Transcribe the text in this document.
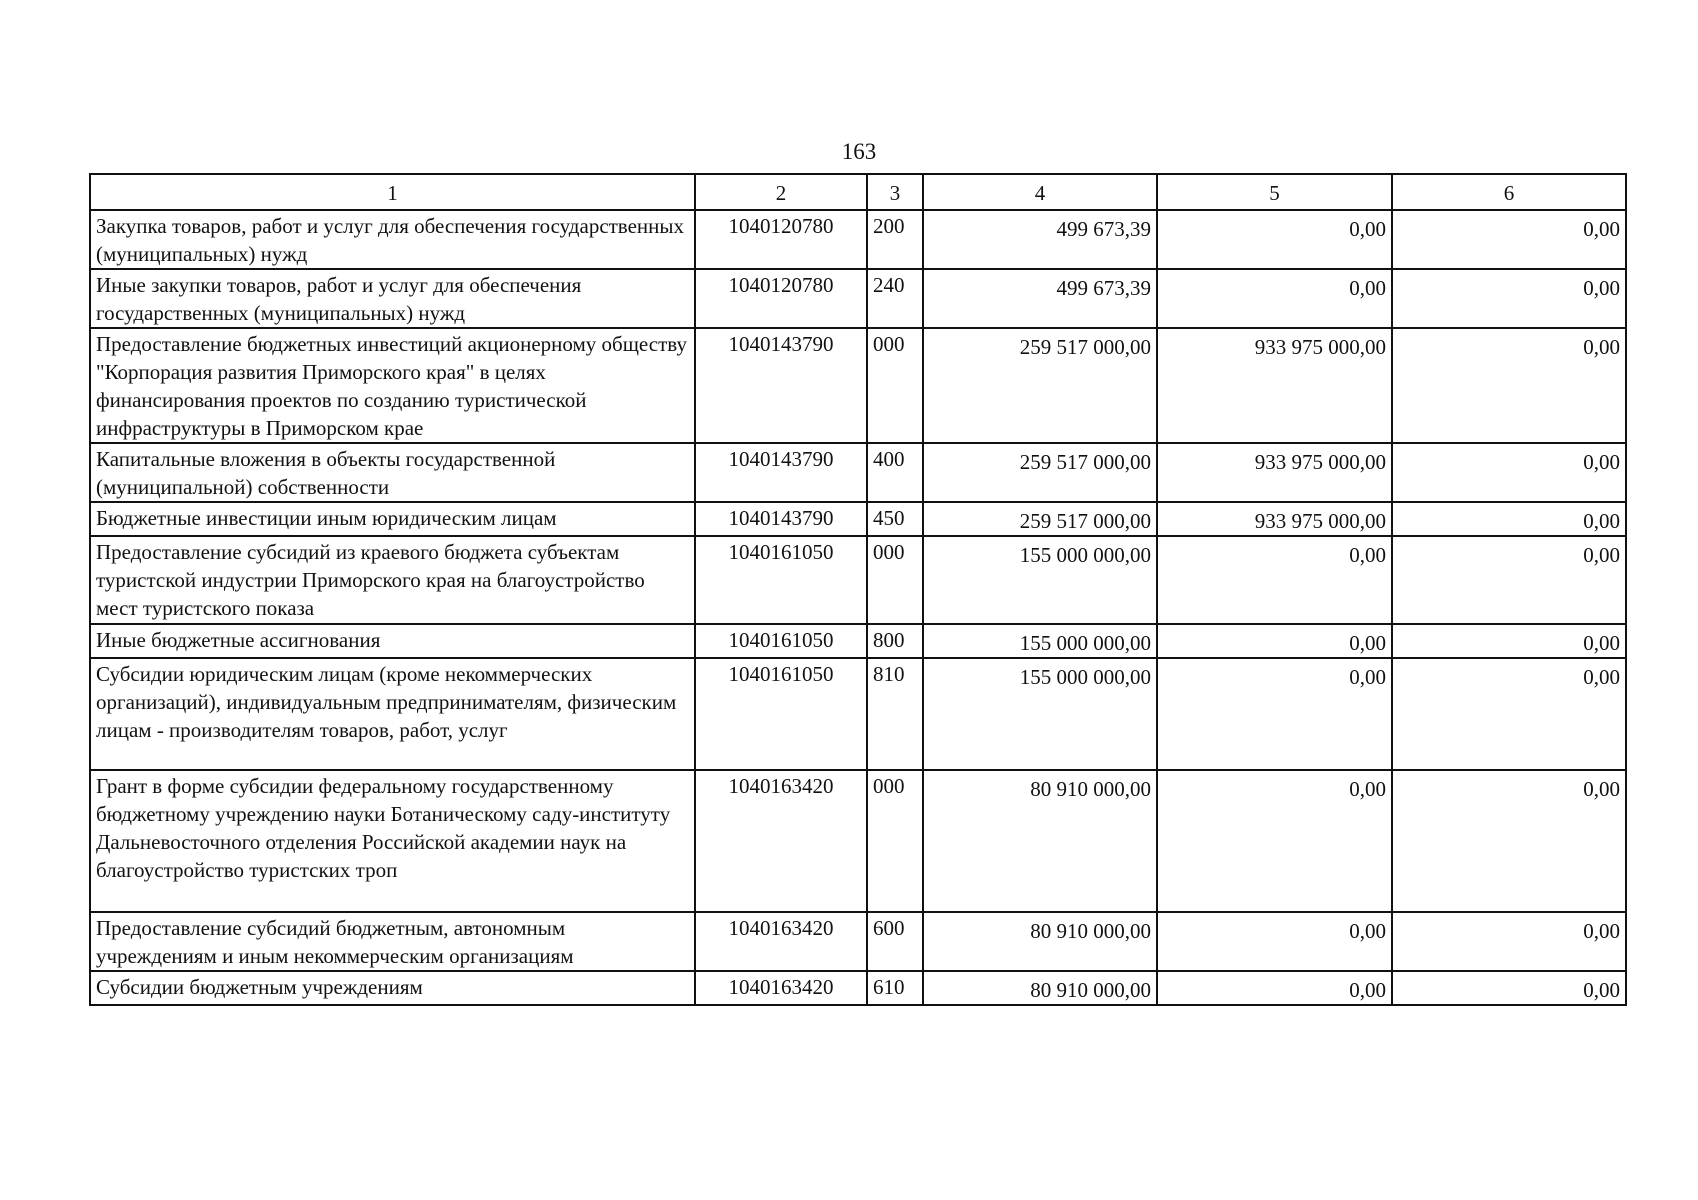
163
1	2	3	4	5	6
Закупка товаров, работ и услуг для обеспечения государственных (муниципальных) нужд	1040120780	200	499 673,39	0,00	0,00
Иные закупки товаров, работ и услуг для обеспечения государственных (муниципальных) нужд	1040120780	240	499 673,39	0,00	0,00
Предоставление бюджетных инвестиций акционерному обществу "Корпорация развития Приморского края" в целях финансирования проектов по созданию туристической инфраструктуры в Приморском крае	1040143790	000	259 517 000,00	933 975 000,00	0,00
Капитальные вложения в объекты государственной (муниципальной) собственности	1040143790	400	259 517 000,00	933 975 000,00	0,00
Бюджетные инвестиции иным юридическим лицам	1040143790	450	259 517 000,00	933 975 000,00	0,00
Предоставление субсидий из краевого бюджета субъектам туристской индустрии Приморского края на благоустройство мест туристского показа	1040161050	000	155 000 000,00	0,00	0,00
Иные бюджетные ассигнования	1040161050	800	155 000 000,00	0,00	0,00
Субсидии юридическим лицам (кроме некоммерческих организаций), индивидуальным предпринимателям, физическим лицам - производителям товаров, работ, услуг	1040161050	810	155 000 000,00	0,00	0,00
Грант в форме субсидии федеральному государственному бюджетному учреждению науки Ботаническому саду-институту Дальневосточного отделения Российской академии наук на благоустройство туристских троп	1040163420	000	80 910 000,00	0,00	0,00
Предоставление субсидий бюджетным, автономным учреждениям и иным некоммерческим организациям	1040163420	600	80 910 000,00	0,00	0,00
Субсидии бюджетным учреждениям	1040163420	610	80 910 000,00	0,00	0,00
